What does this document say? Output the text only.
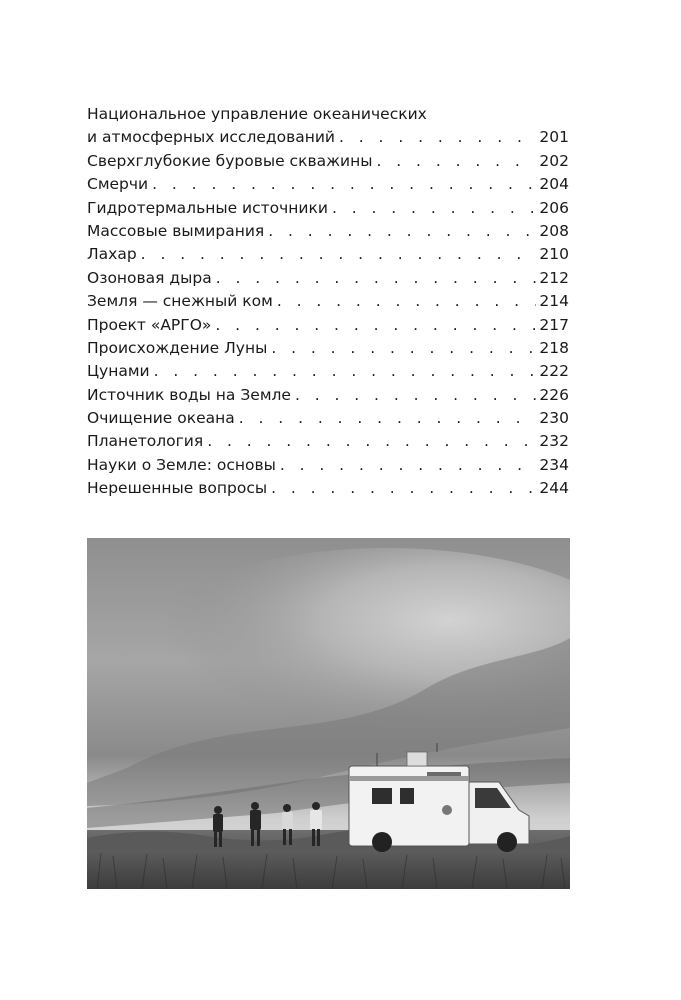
Национальное управление океанических
и атмосферных исследований . . .	201
Сверхглубокие буровые скважины . . .	202
Смерчи . . .	204
Гидротермальные источники . . .	206
Массовые вымирания . . .	208
Лахар . . .	210
Озоновая дыра . . .	212
Земля — снежный ком . . .	214
Проект «АРГО» . . .	217
Происхождение Луны . . .	218
Цунами . . .	222
Источник воды на Земле . . .	226
Очищение океана . . .	230
Планетология . . .	232
Науки о Земле: основы . . .	234
Нерешенные вопросы . . .	244
